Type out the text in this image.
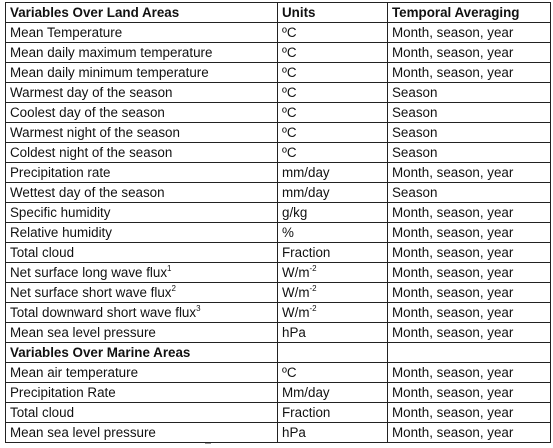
Variables Over Land Areas	Units	Temporal Averaging
Mean Temperature	ºC	Month, season, year
Mean daily maximum temperature	ºC	Month, season, year
Mean daily minimum temperature	ºC	Month, season, year
Warmest day of the season	ºC	Season
Coolest day of the season	ºC	Season
Warmest night of the season	ºC	Season
Coldest night of the season	ºC	Season
Precipitation rate	mm/day	Month, season, year
Wettest day of the season	mm/day	Season
Specific humidity	g/kg	Month, season, year
Relative humidity	%	Month, season, year
Total cloud	Fraction	Month, season, year
Net surface long wave flux$^1$	$W/m^{-2}$	Month, season, year
Net surface short wave flux$^2$	$W/m^{-2}$	Month, season, year
Total downward short wave flux$^3$	$W/m^{-2}$	Month, season, year
Mean sea level pressure	hPa	Month, season, year
Variables Over Marine Areas		
Mean air temperature	ºC	Month, season, year
Precipitation Rate	Mm/day	Month, season, year
Total cloud	Fraction	Month, season, year
Mean sea level pressure	hPa	Month, season, year
